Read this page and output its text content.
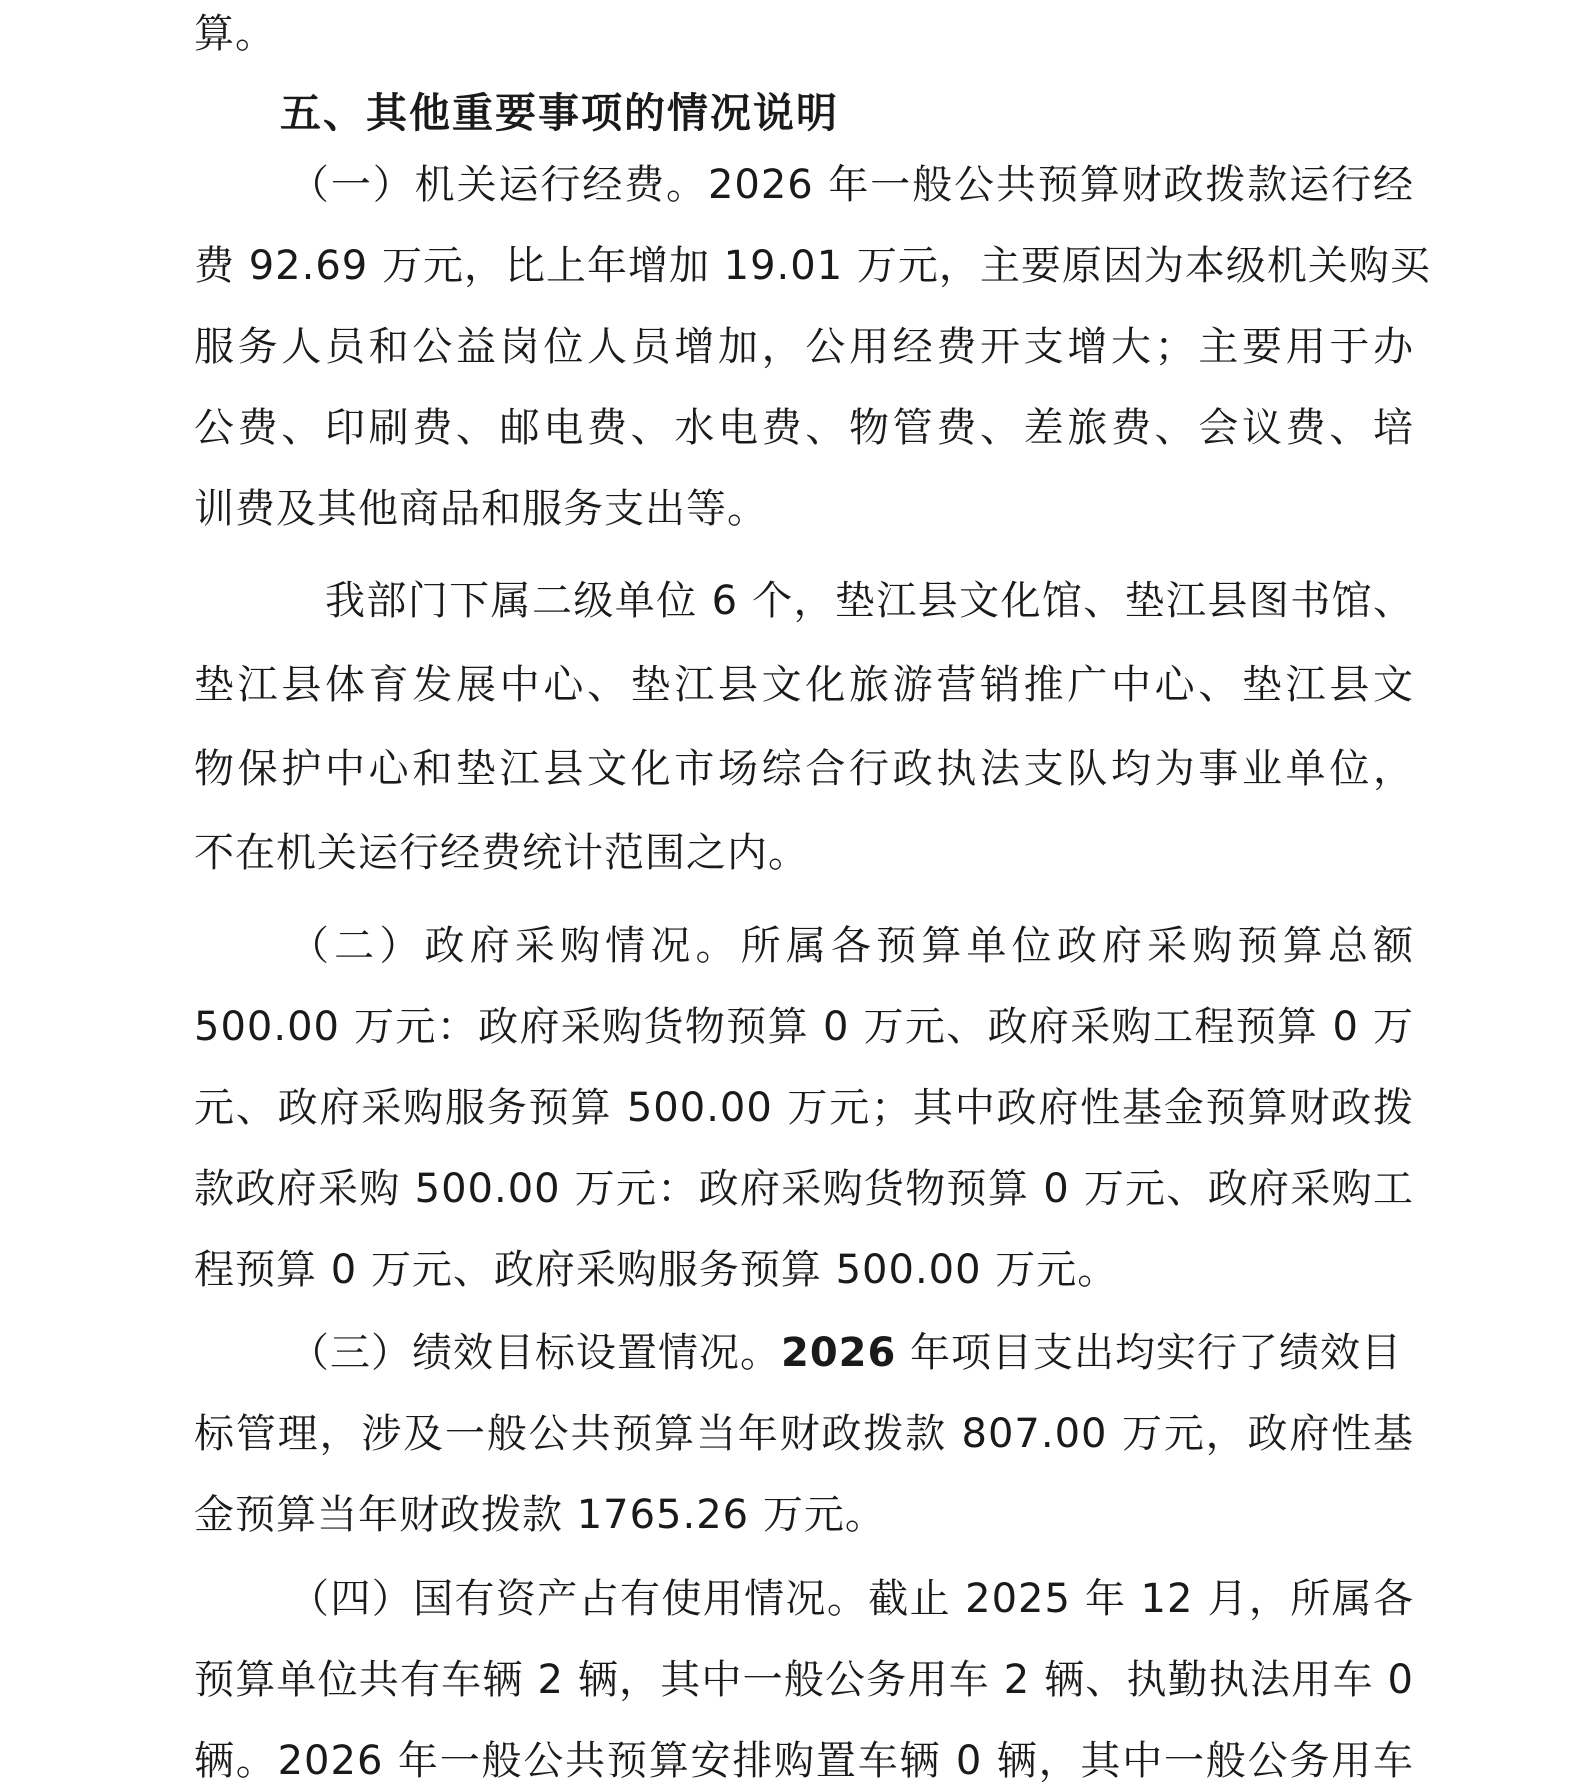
算。
五、其他重要事项的情况说明
（一）机关运行经费。2026 年一般公共预算财政拨款运行经
费 92.69 万元，比上年增加 19.01 万元，主要原因为本级机关购买
服务人员和公益岗位人员增加，公用经费开支增大；主要用于办
公费、印刷费、邮电费、水电费、物管费、差旅费、会议费、培
训费及其他商品和服务支出等。
我部门下属二级单位 6 个，垫江县文化馆、垫江县图书馆、
垫江县体育发展中心、垫江县文化旅游营销推广中心、垫江县文
物保护中心和垫江县文化市场综合行政执法支队均为事业单位，
不在机关运行经费统计范围之内。
（二）政府采购情况。所属各预算单位政府采购预算总额
500.00 万元：政府采购货物预算 0 万元、政府采购工程预算 0 万
元、政府采购服务预算 500.00 万元；其中政府性基金预算财政拨
款政府采购 500.00 万元：政府采购货物预算 0 万元、政府采购工
程预算 0 万元、政府采购服务预算 500.00 万元。
（三）绩效目标设置情况。2026 年项目支出均实行了绩效目
标管理，涉及一般公共预算当年财政拨款 807.00 万元，政府性基
金预算当年财政拨款 1765.26 万元。
（四）国有资产占有使用情况。截止 2025 年 12 月，所属各
预算单位共有车辆 2 辆，其中一般公务用车 2 辆、执勤执法用车 0
辆。2026 年一般公共预算安排购置车辆 0 辆，其中一般公务用车
